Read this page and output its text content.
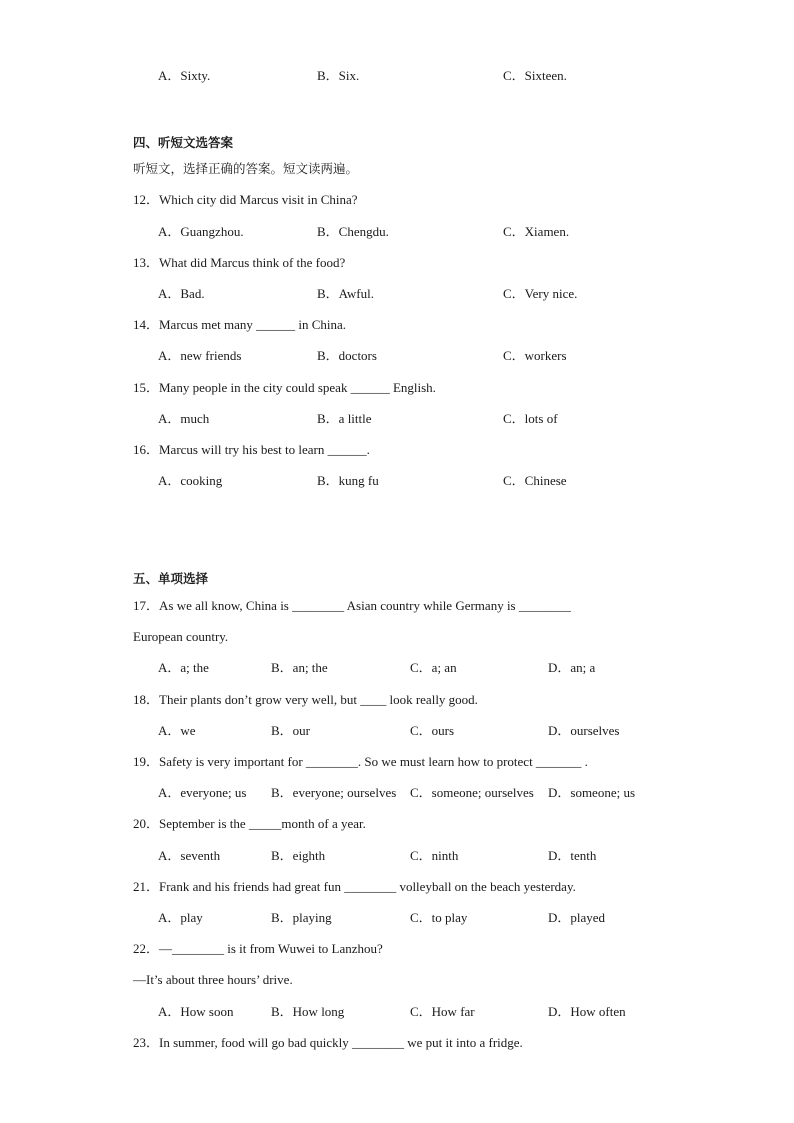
A．Sixty.	B．Six.	C．Sixteen.
四、听短文选答案
听短文，选择正确的答案。短文读两遍。
12．Which city did Marcus visit in China?
A．Guangzhou.	B．Chengdu.	C．Xiamen.
13．What did Marcus think of the food?
A．Bad.	B．Awful.	C．Very nice.
14．Marcus met many ______ in China.
A．new friends	B．doctors	C．workers
15．Many people in the city could speak ______ English.
A．much	B．a little	C．lots of
16．Marcus will try his best to learn ______.
A．cooking	B．kung fu	C．Chinese
五、单项选择
17．As we all know, China is ________ Asian country while Germany is ________
European country.
A．a; the	B．an; the	C．a; an	D．an; a
18．Their plants don’t grow very well, but ____ look really good.
A．we	B．our	C．ours	D．ourselves
19．Safety is very important for ________. So we must learn how to protect _______ .
A．everyone; us B．everyone; ourselves C．someone; ourselves D．someone; us
20．September is the _____month of a year.
A．seventh	B．eighth	C．ninth	D．tenth
21．Frank and his friends had great fun ________ volleyball on the beach yesterday.
A．play	B．playing	C．to play	D．played
22．—________ is it from Wuwei to Lanzhou?
—It’s about three hours’ drive.
A．How soon	B．How long	C．How far	D．How often
23．In summer, food will go bad quickly ________ we put it into a fridge.
